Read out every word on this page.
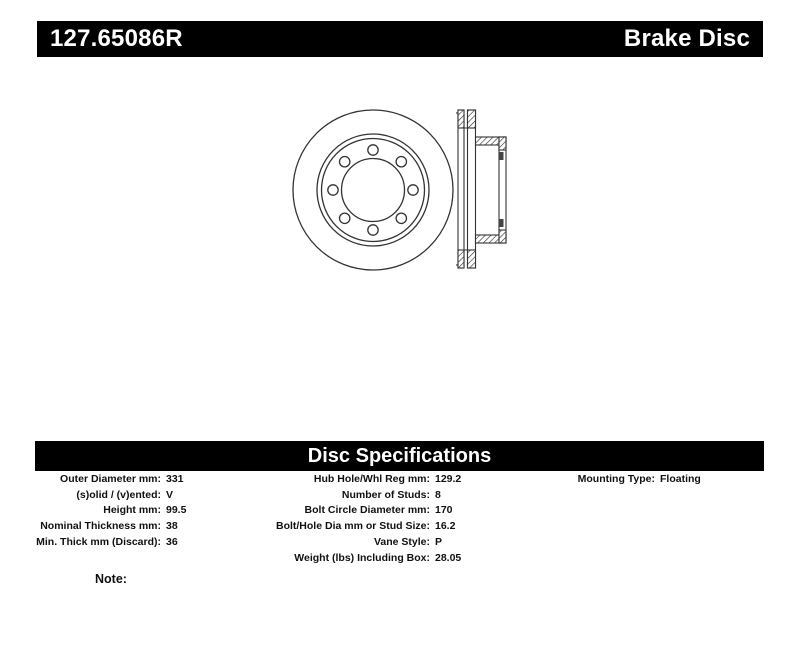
127.65086R	Brake Disc
Disc Specifications
Outer Diameter mm: 331
(s)olid / (v)ented: V
Height mm: 99.5
Nominal Thickness mm: 38
Min. Thick mm (Discard): 36
Hub Hole/Whl Reg mm: 129.2
Number of Studs: 8
Bolt Circle Diameter mm: 170
Bolt/Hole Dia mm or Stud Size: 16.2
Vane Style: P
Weight (lbs) Including Box: 28.05
Mounting Type: Floating
Note:
